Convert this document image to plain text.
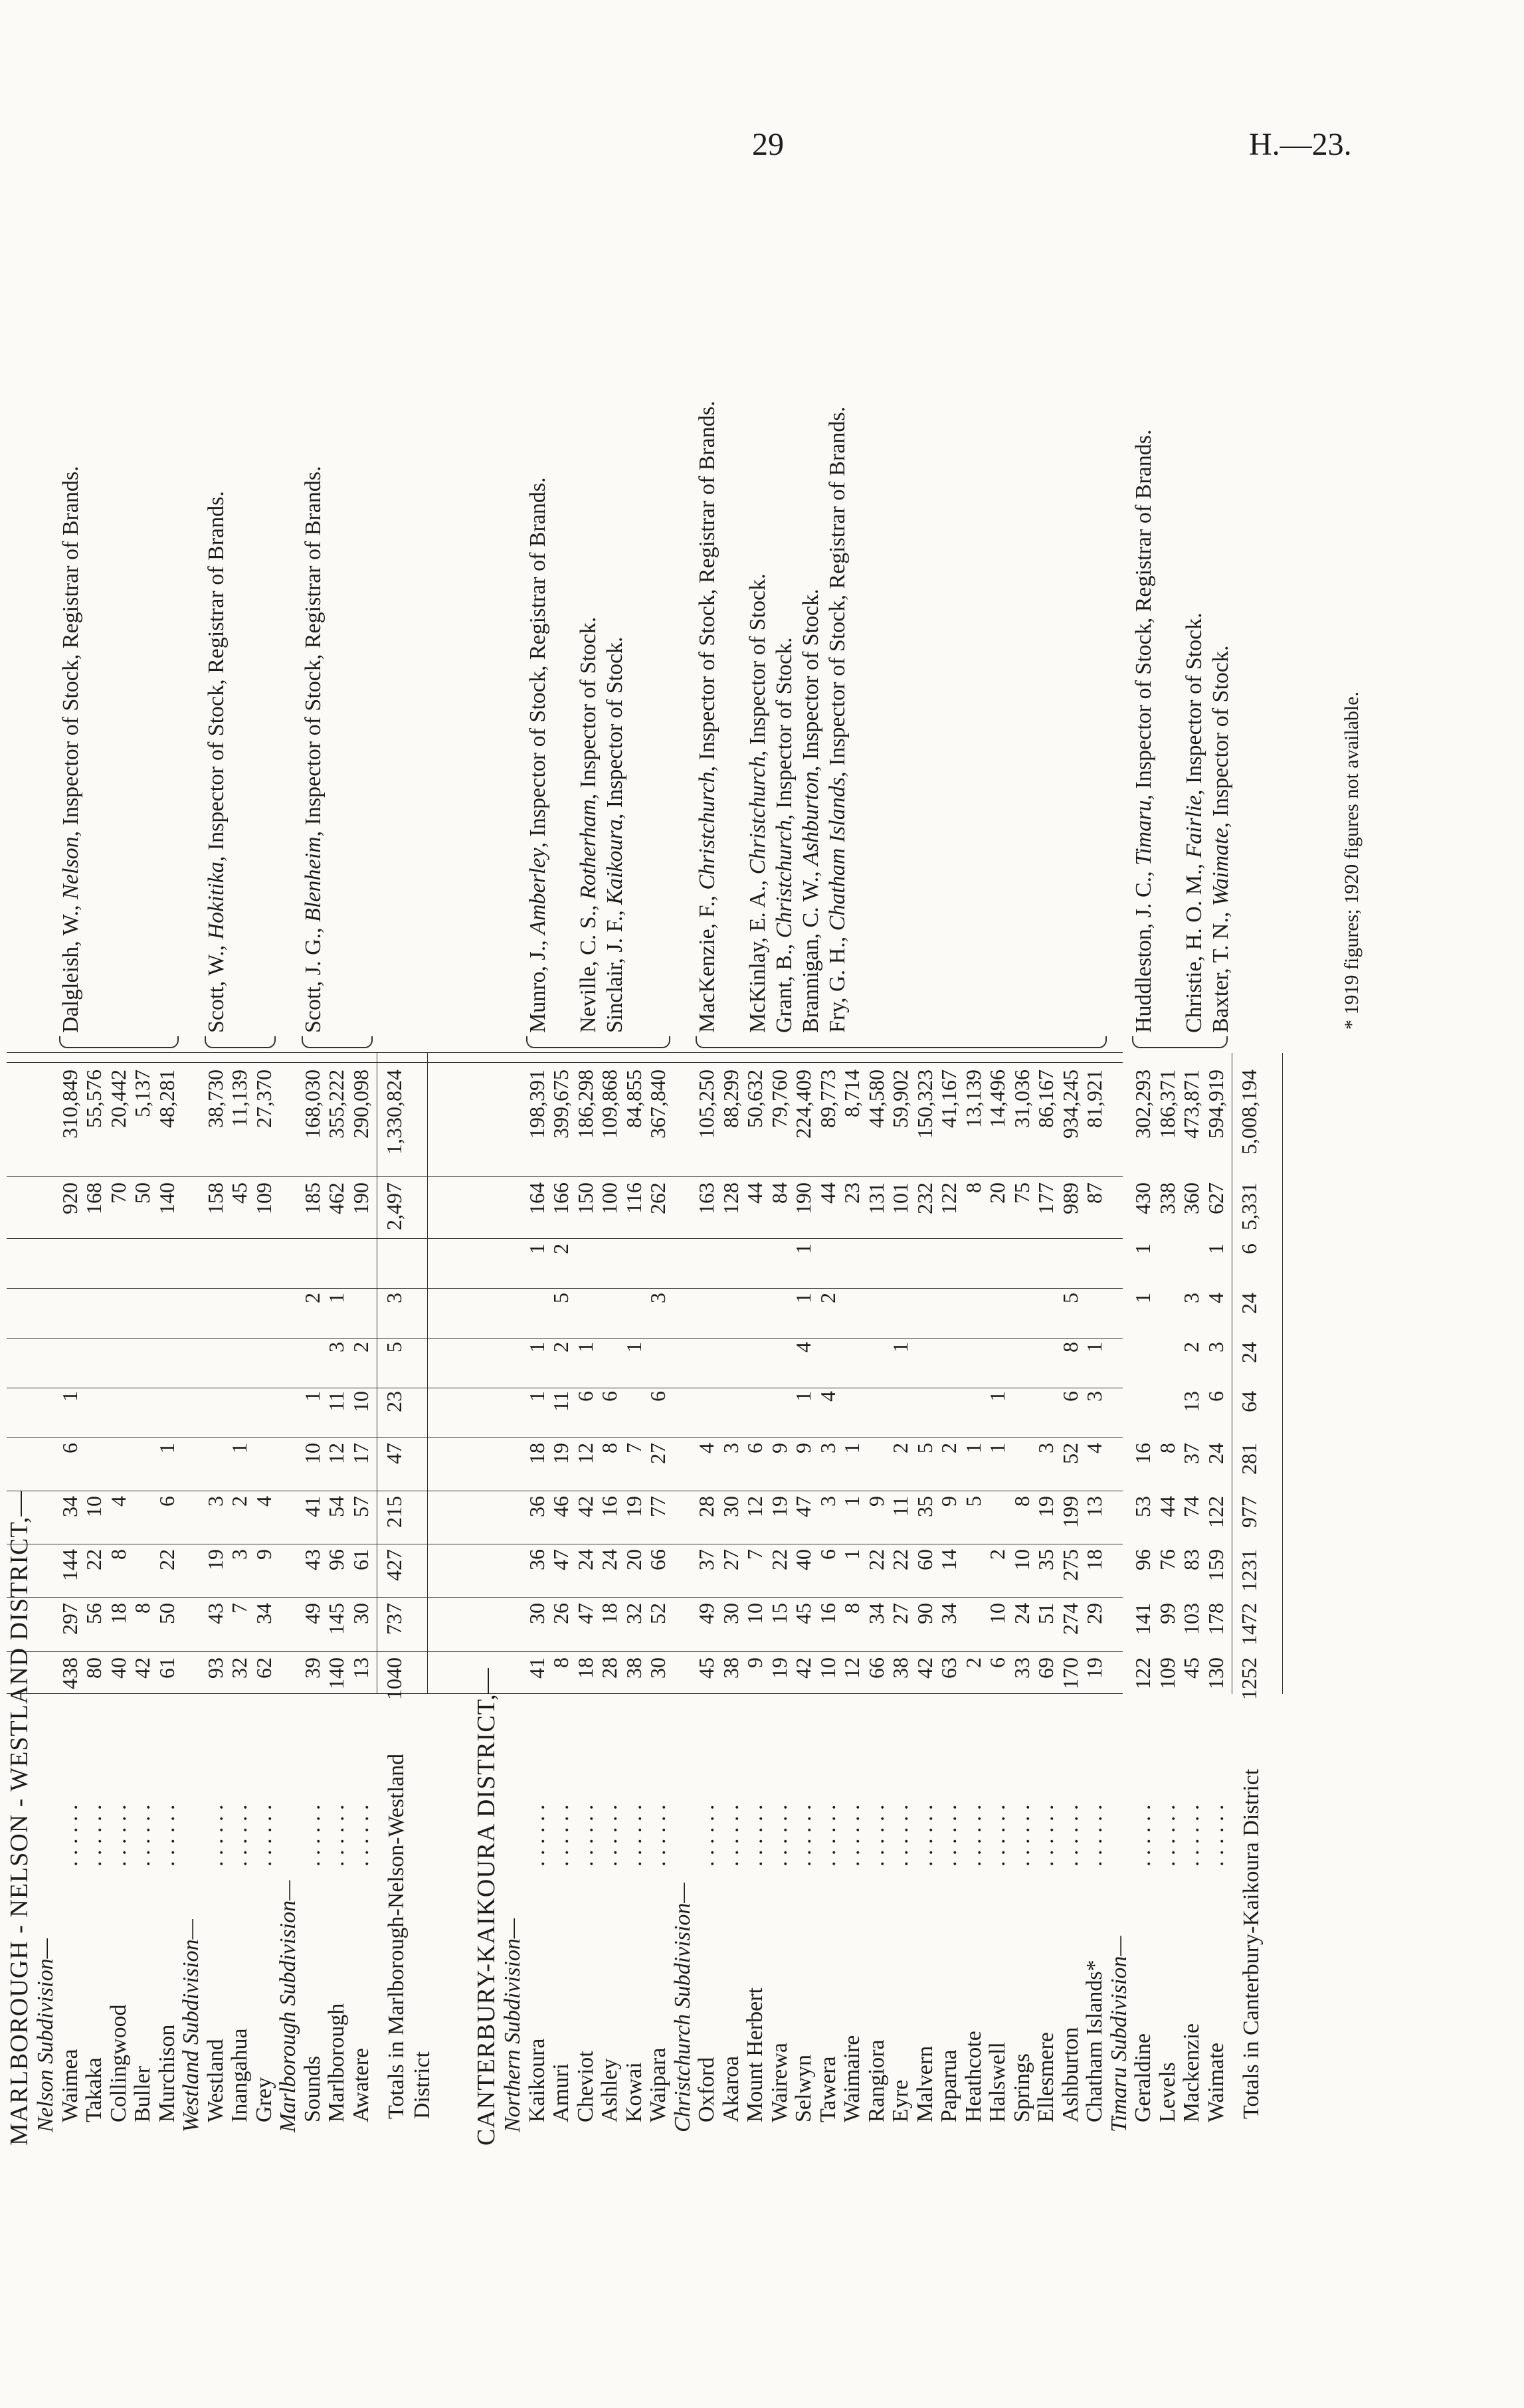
29	H.—23.
MARLBOROUGH - NELSON - WESTLAND DISTRICT,— Nelson Subdivision— Waimea
. . . . . .
438
297
144
34
6
1
920
310,849
Takaka
. . . . . .
80
56
22
10
168
55,576
Collingwood
. . . . . .
40
18
8
4
70
20,442
Buller
. . . . . .
42
8
50
5,137
Murchison
. . . . . .
61
50
22
6
1
140
48,281
Dalgleish, W., Nelson, Inspector of Stock, Registrar of Brands.
Westland Subdivision— Westland
. . . . . .
93
43
19
3
158
38,730
Inangahua
. . . . . .
32
7
3
2
1
45
11,139
Grey
. . . . . .
62
34
9
4
109
27,370
Scott, W., Hokitika, Inspector of Stock, Registrar of Brands.
Marlborough Subdivision— Sounds
. . . . . .
39
49
43
41
10
1
2
185
168,030
Marlborough
. . . . . .
140
145
96
54
12
11
3
1
462
355,222
Awatere
. . . . . .
13
30
61
57
17
10
2
190
290,098
Scott, J. G., Blenheim, Inspector of Stock, Registrar of Brands.
Totals in Marlborough-Nelson-Westland District
1040
737
427
215
47
23
5
3
2,497
1,330,824
CANTERBURY-KAIKOURA DISTRICT,— Northern Subdivision— Kaikoura
. . . . . .
41
30
36
36
18
1
1
1
164
198,391
Amuri
. . . . . .
8
26
47
46
19
11
2
5
2
166
399,675
Cheviot
. . . . . .
18
47
24
42
12
6
1
150
186,298
Ashley
. . . . . .
28
18
24
16
8
6
100
109,868
Kowai
. . . . . .
38
32
20
19
7
1
116
84,855
Waipara
. . . . . .
30
52
66
77
27
6
3
262
367,840
Munro, J., Amberley, Inspector of Stock, Registrar of Brands.
Neville, C. S., Rotherham, Inspector of Stock.
Sinclair, J. F., Kaikoura, Inspector of Stock.
Christchurch Subdivision— Oxford
. . . . . .
45
49
37
28
4
163
105,250
Akaroa
. . . . . .
38
30
27
30
3
128
88,299
Mount Herbert
. . . . . .
9
10
7
12
6
44
50,632
Wairewa
. . . . . .
19
15
22
19
9
84
79,760
Selwyn
. . . . . .
42
45
40
47
9
1
4
1
1
190
224,409
Tawera
. . . . . .
10
16
6
3
3
4
2
44
89,773
Waimaire
. . . . . .
12
8
1
1
1
23
8,714
Rangiora
. . . . . .
66
34
22
9
131
44,580
Eyre
. . . . . .
38
27
22
11
2
1
101
59,902
Malvern
. . . . . .
42
90
60
35
5
232
150,323
Paparua
. . . . . .
63
34
14
9
2
122
41,167
Heathcote
. . . . . .
2
5
1
8
13,139
Halswell
. . . . . .
6
10
2
1
1
20
14,496
Springs
. . . . . .
33
24
10
8
75
31,036
Ellesmere
. . . . . .
69
51
35
19
3
177
86,167
Ashburton
. . . . . .
170
274
275
199
52
6
8
5
989
934,245
Chatham Islands*
. . . . . .
19
29
18
13
4
3
1
87
81,921
MacKenzie, F., Christchurch, Inspector of Stock, Registrar of Brands.
McKinlay, E. A., Christchurch, Inspector of Stock.
Grant, B., Christchurch, Inspector of Stock.
Brannigan, C. W., Ashburton, Inspector of Stock.
Fry, G. H., Chatham Islands, Inspector of Stock, Registrar of Brands.
Timaru Subdivision— Geraldine
. . . . . .
122
141
96
53
16
1
1
430
302,293
Levels
. . . . . .
109
99
76
44
8
338
186,371
Mackenzie
. . . . . .
45
103
83
74
37
13
2
3
360
473,871
Waimate
. . . . . .
130
178
159
122
24
6
3
4
1
627
594,919
Huddleston, J. C., Timaru, Inspector of Stock, Registrar of Brands.
Christie, H. O. M., Fairlie, Inspector of Stock.
Baxter, T. N., Waimate, Inspector of Stock.
Totals in Canterbury-Kaikoura District
1252
1472
1231
977
281
64
24
24
6
5,331
5,008,194
* 1919 figures; 1920 figures not available.
